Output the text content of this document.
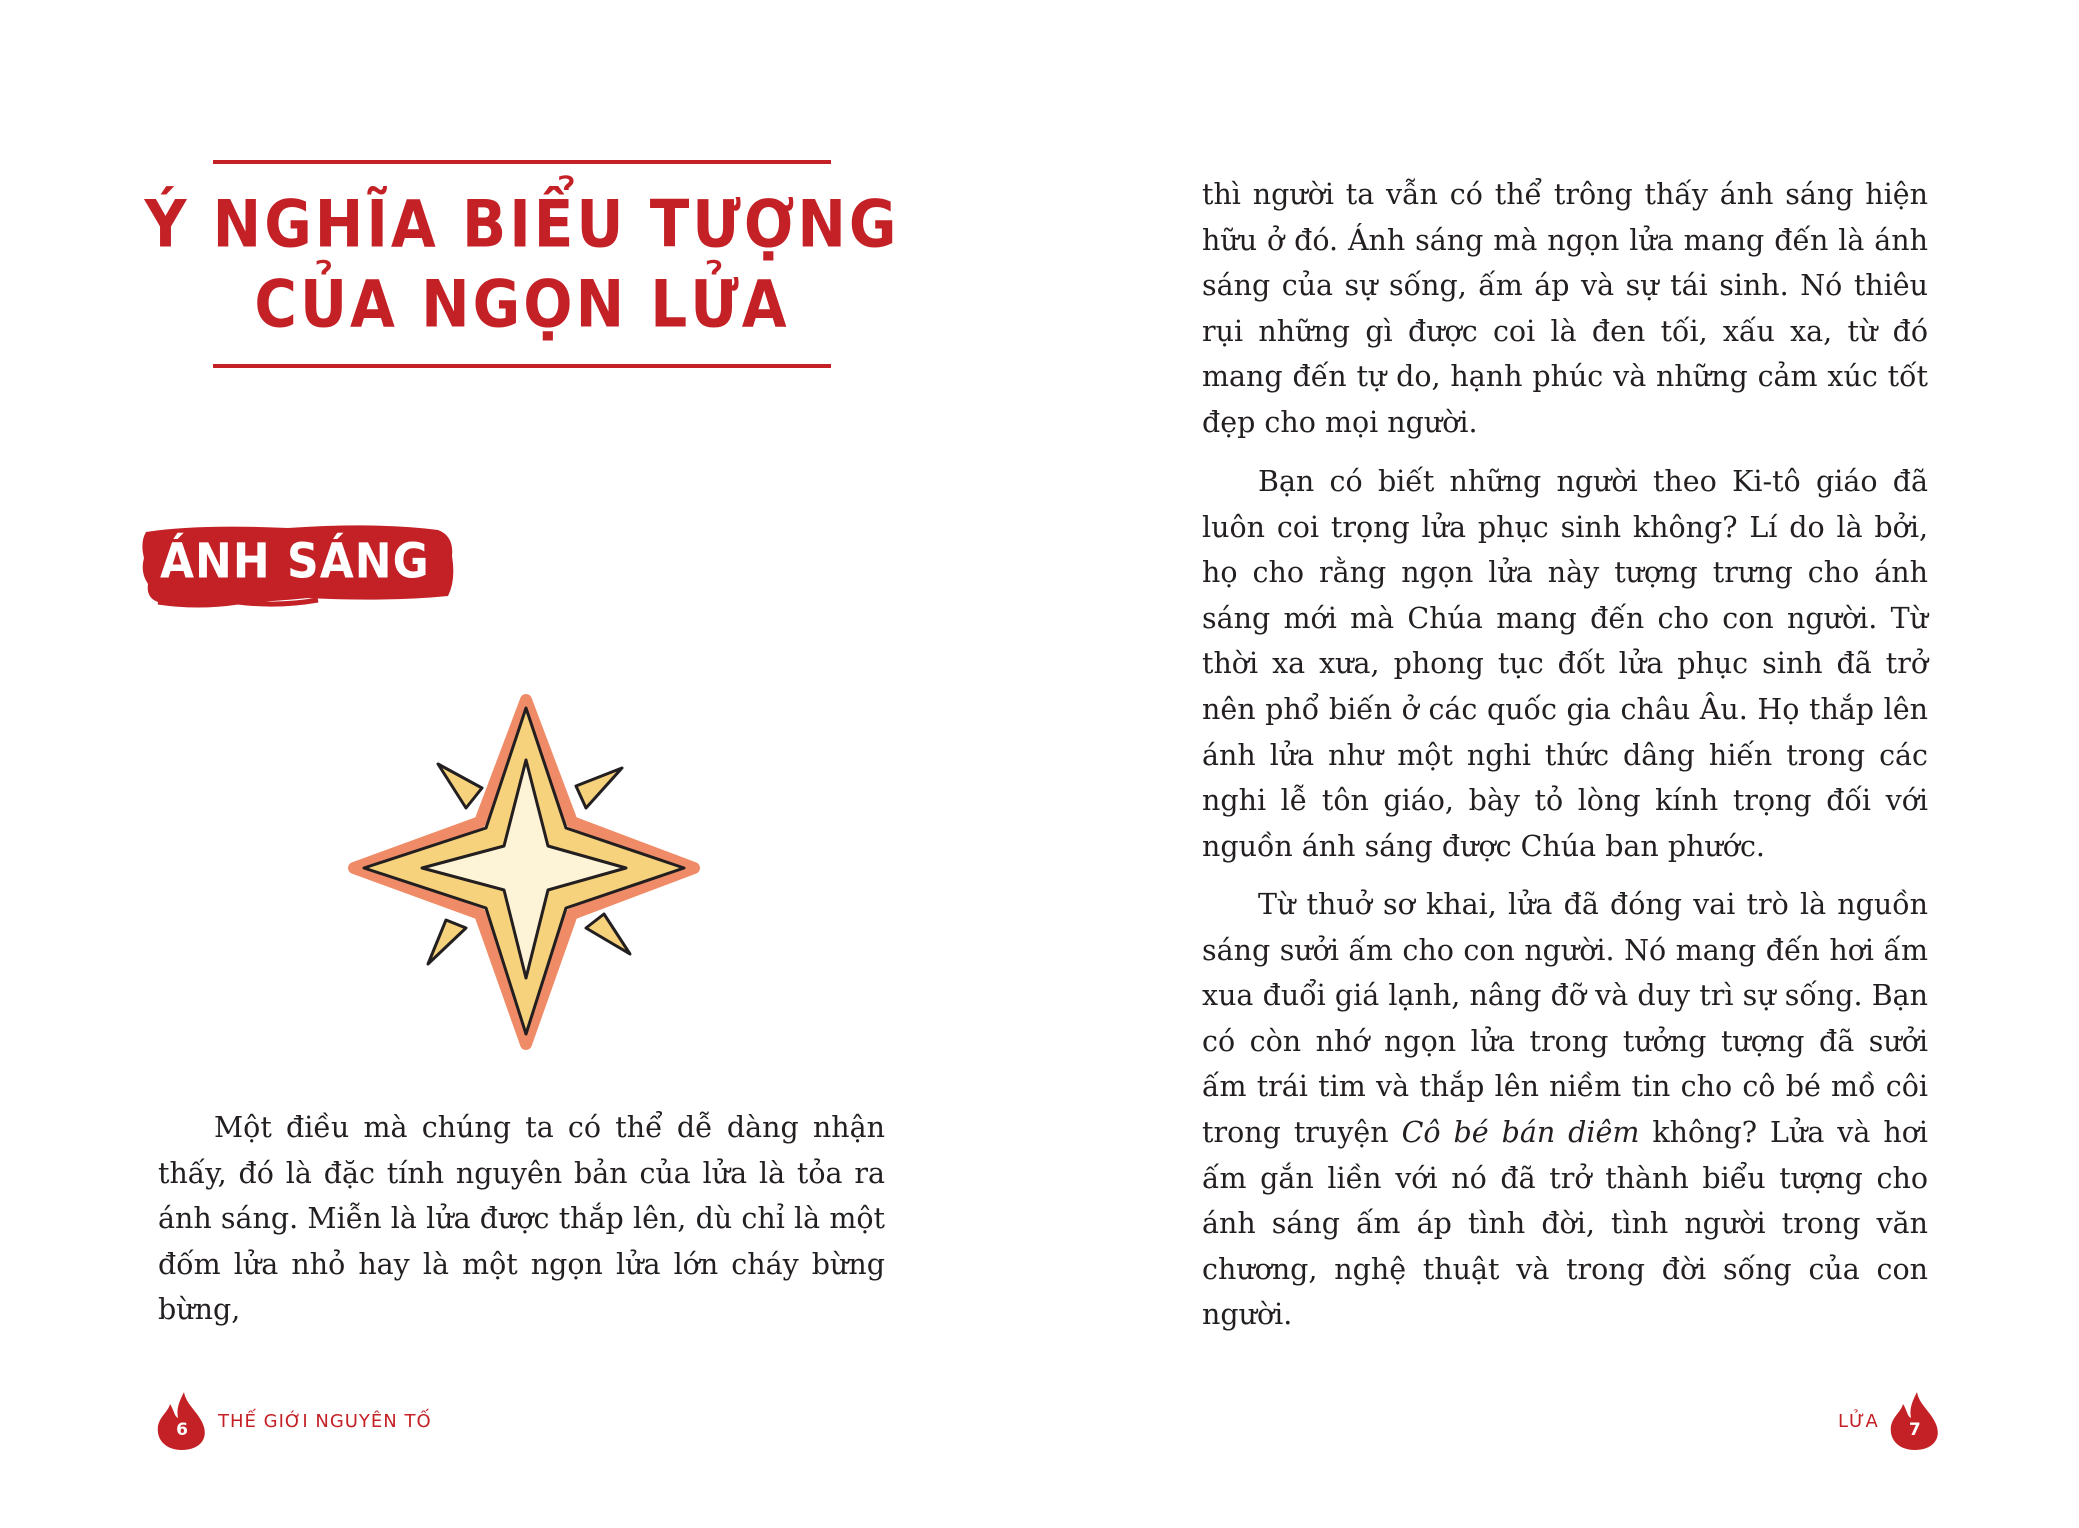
Ý NGHĨA BIỂU TƯỢNG
CỦA NGỌN LỬA
ÁNH SÁNG

Một điều mà chúng ta có thể dễ dàng nhận thấy, đó là đặc tính nguyên bản của lửa là tỏa ra ánh sáng. Miễn là lửa được thắp lên, dù chỉ là một đốm lửa nhỏ hay là một ngọn lửa lớn cháy bừng bừng,

6	THẾ GIỚI NGUYÊN TỐ

thì người ta vẫn có thể trông thấy ánh sáng hiện hữu ở đó. Ánh sáng mà ngọn lửa mang đến là ánh sáng của sự sống, ấm áp và sự tái sinh. Nó thiêu rụi những gì được coi là đen tối, xấu xa, từ đó mang đến tự do, hạnh phúc và những cảm xúc tốt đẹp cho mọi người.

Bạn có biết những người theo Ki-tô giáo đã luôn coi trọng lửa phục sinh không? Lí do là bởi, họ cho rằng ngọn lửa này tượng trưng cho ánh sáng mới mà Chúa mang đến cho con người. Từ thời xa xưa, phong tục đốt lửa phục sinh đã trở nên phổ biến ở các quốc gia châu Âu. Họ thắp lên ánh lửa như một nghi thức dâng hiến trong các nghi lễ tôn giáo, bày tỏ lòng kính trọng đối với nguồn ánh sáng được Chúa ban phước.

Từ thuở sơ khai, lửa đã đóng vai trò là nguồn sáng sưởi ấm cho con người. Nó mang đến hơi ấm xua đuổi giá lạnh, nâng đỡ và duy trì sự sống. Bạn có còn nhớ ngọn lửa trong tưởng tượng đã sưởi ấm trái tim và thắp lên niềm tin cho cô bé mồ côi trong truyện Cô bé bán diêm không? Lửa và hơi ấm gắn liền với nó đã trở thành biểu tượng cho ánh sáng ấm áp tình đời, tình người trong văn chương, nghệ thuật và trong đời sống của con người.

LỬA	7
